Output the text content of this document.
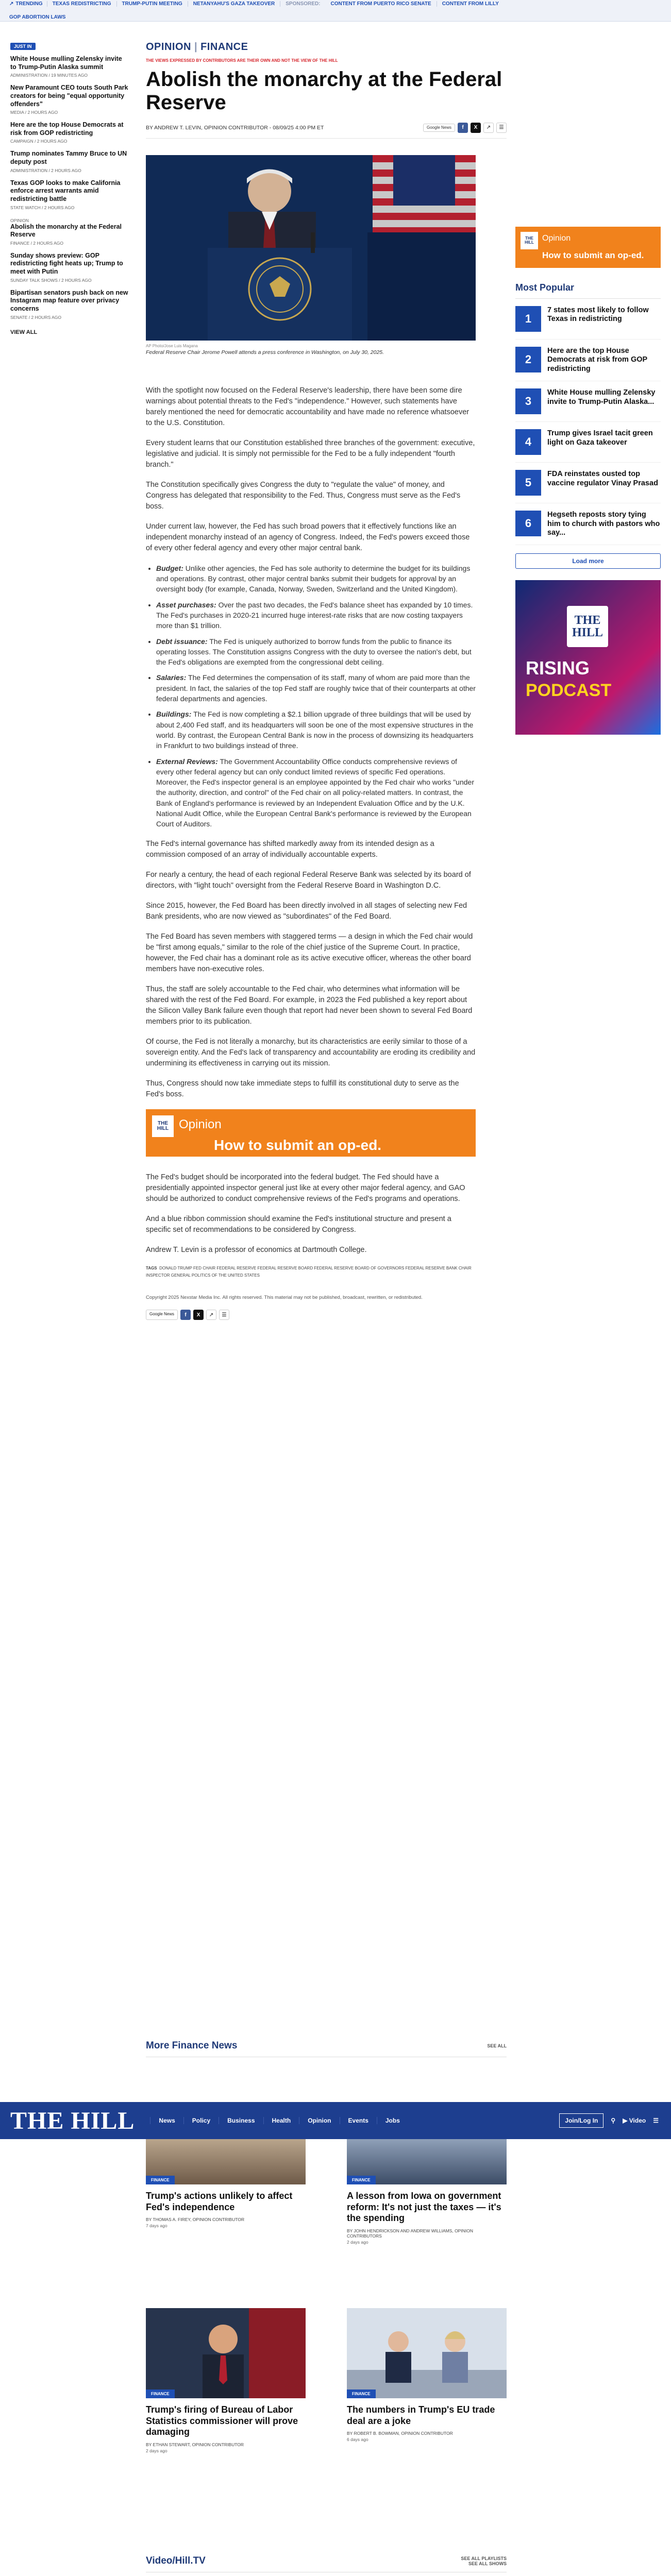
↗ TRENDING	TEXAS REDISTRICTING	TRUMP-PUTIN MEETING	NETANYAHU'S GAZA TAKEOVER	SPONSORED:	CONTENT FROM PUERTO RICO SENATE	CONTENT FROM LILLY
GOP ABORTION LAWS
JUST IN
White House mulling Zelensky invite to Trump-Putin Alaska summit
ADMINISTRATION / 19 MINUTES AGO
New Paramount CEO touts South Park creators for being "equal opportunity offenders"
MEDIA / 2 HOURS AGO
Here are the top House Democrats at risk from GOP redistricting
CAMPAIGN / 2 HOURS AGO
Trump nominates Tammy Bruce to UN deputy post
ADMINISTRATION / 2 HOURS AGO
Texas GOP looks to make California enforce arrest warrants amid redistricting battle
STATE WATCH / 2 HOURS AGO
OPINION
Abolish the monarchy at the Federal Reserve
FINANCE / 2 HOURS AGO
Sunday shows preview: GOP redistricting fight heats up; Trump to meet with Putin
SUNDAY TALK SHOWS / 2 HOURS AGO
Bipartisan senators push back on new Instagram map feature over privacy concerns
SENATE / 2 HOURS AGO
VIEW ALL
OPINION | FINANCE
THE VIEWS EXPRESSED BY CONTRIBUTORS ARE THEIR OWN AND NOT THE VIEW OF THE HILL
Abolish the monarchy at the Federal Reserve
BY ANDREW T. LEVIN, OPINION CONTRIBUTOR - 08/09/25 4:00 PM ET	Google News	f	X	↗	☰
AP Photo/Jose Luis Magana
Federal Reserve Chair Jerome Powell attends a press conference in Washington, on July 30, 2025.

With the spotlight now focused on the Federal Reserve's leadership, there have been some dire warnings about potential threats to the Fed's "independence." However, such statements have barely mentioned the need for democratic accountability and have made no reference whatsoever to the U.S. Constitution.

Every student learns that our Constitution established three branches of the government: executive, legislative and judicial. It is simply not permissible for the Fed to be a fully independent "fourth branch."

The Constitution specifically gives Congress the duty to "regulate the value" of money, and Congress has delegated that responsibility to the Fed. Thus, Congress must serve as the Fed's boss.

Under current law, however, the Fed has such broad powers that it effectively functions like an independent monarchy instead of an agency of Congress. Indeed, the Fed's powers exceed those of every other federal agency and every other major central bank.

• Budget: Unlike other agencies, the Fed has sole authority to determine the budget for its buildings and operations. By contrast, other major central banks submit their budgets for approval by an oversight body (for example, Canada, Norway, Sweden, Switzerland and the United Kingdom).
• Asset purchases: Over the past two decades, the Fed's balance sheet has expanded by 10 times. The Fed's purchases in 2020-21 incurred huge interest-rate risks that are now costing taxpayers more than $1 trillion.
• Debt issuance: The Fed is uniquely authorized to borrow funds from the public to finance its operating losses. The Constitution assigns Congress with the duty to oversee the nation's debt, but the Fed's obligations are exempted from the congressional debt ceiling.
• Salaries: The Fed determines the compensation of its staff, many of whom are paid more than the president. In fact, the salaries of the top Fed staff are roughly twice that of their counterparts at other federal departments and agencies.
• Buildings: The Fed is now completing a $2.1 billion upgrade of three buildings that will be used by about 2,400 Fed staff, and its headquarters will soon be one of the most expensive structures in the world. By contrast, the European Central Bank is now in the process of downsizing its headquarters in Frankfurt to two buildings instead of three.
• External Reviews: The Government Accountability Office conducts comprehensive reviews of every other federal agency but can only conduct limited reviews of specific Fed operations. Moreover, the Fed's inspector general is an employee appointed by the Fed chair who works "under the authority, direction, and control" of the Fed chair on all policy-related matters. In contrast, the Bank of England's performance is reviewed by an Independent Evaluation Office and by the U.K. National Audit Office, while the European Central Bank's performance is reviewed by the European Court of Auditors.

The Fed's internal governance has shifted markedly away from its intended design as a commission composed of an array of individually accountable experts.

For nearly a century, the head of each regional Federal Reserve Bank was selected by its board of directors, with "light touch" oversight from the Federal Reserve Board in Washington D.C.

Since 2015, however, the Fed Board has been directly involved in all stages of selecting new Fed Bank presidents, who are now viewed as "subordinates" of the Fed Board.

The Fed Board has seven members with staggered terms — a design in which the Fed chair would be "first among equals," similar to the role of the chief justice of the Supreme Court. In practice, however, the Fed chair has a dominant role as its active executive officer, whereas the other board members have non-executive roles.

Thus, the staff are solely accountable to the Fed chair, who determines what information will be shared with the rest of the Fed Board. For example, in 2023 the Fed published a key report about the Silicon Valley Bank failure even though that report had never been shown to several Fed Board members prior to its publication.

Of course, the Fed is not literally a monarchy, but its characteristics are eerily similar to those of a sovereign entity. And the Fed's lack of transparency and accountability are eroding its credibility and undermining its effectiveness in carrying out its mission.

Thus, Congress should now take immediate steps to fulfill its constitutional duty to serve as the Fed's boss.

THE HILL Opinion
How to submit an op-ed.

The Fed's budget should be incorporated into the federal budget. The Fed should have a presidentially appointed inspector general just like at every other major federal agency, and GAO should be authorized to conduct comprehensive reviews of the Fed's programs and operations.

And a blue ribbon commission should examine the Fed's institutional structure and present a specific set of recommendations to be considered by Congress.

Andrew T. Levin is a professor of economics at Dartmouth College.

TAGS DONALD TRUMP FED CHAIR FEDERAL RESERVE FEDERAL RESERVE BOARD FEDERAL RESERVE BOARD OF GOVERNORS FEDERAL RESERVE BANK CHAIR INSPECTOR GENERAL POLITICS OF THE UNITED STATES
Copyright 2025 Nexstar Media Inc. All rights reserved. This material may not be published, broadcast, rewritten, or redistributed.
Google News	f	X	↗	☰
THE HILL	Opinion
How to submit an op-ed.
Most Popular
1
7 states most likely to follow Texas in redistricting
2
Here are the top House Democrats at risk from GOP redistricting
3
White House mulling Zelensky invite to Trump-Putin Alaska...
4
Trump gives Israel tacit green light on Gaza takeover
5
FDA reinstates ousted top vaccine regulator Vinay Prasad
6
Hegseth reposts story tying him to church with pastors who say...
Load more
THE HILL
RISING
PODCAST
More Finance News	SEE ALL
THE HILL	News	Policy	Business	Health	Opinion	Events	Jobs	Join/Log In	⚲ ▶ Video ☰
FINANCE
Trump's actions unlikely to affect Fed's independence
BY THOMAS A. FIREY, OPINION CONTRIBUTOR
7 days ago
FINANCE
A lesson from Iowa on government reform: It's not just the taxes — it's the spending
BY JOHN HENDRICKSON AND ANDREW WILLIAMS, OPINION CONTRIBUTORS
2 days ago
FINANCE
Trump's firing of Bureau of Labor Statistics commissioner will prove damaging
BY ETHAN STEWART, OPINION CONTRIBUTOR
2 days ago
FINANCE
The numbers in Trump's EU trade deal are a joke
BY ROBERT B. BOWMAN, OPINION CONTRIBUTOR
6 days ago
Video/Hill.TV	SEE ALL PLAYLISTS
SEE ALL SHOWS
